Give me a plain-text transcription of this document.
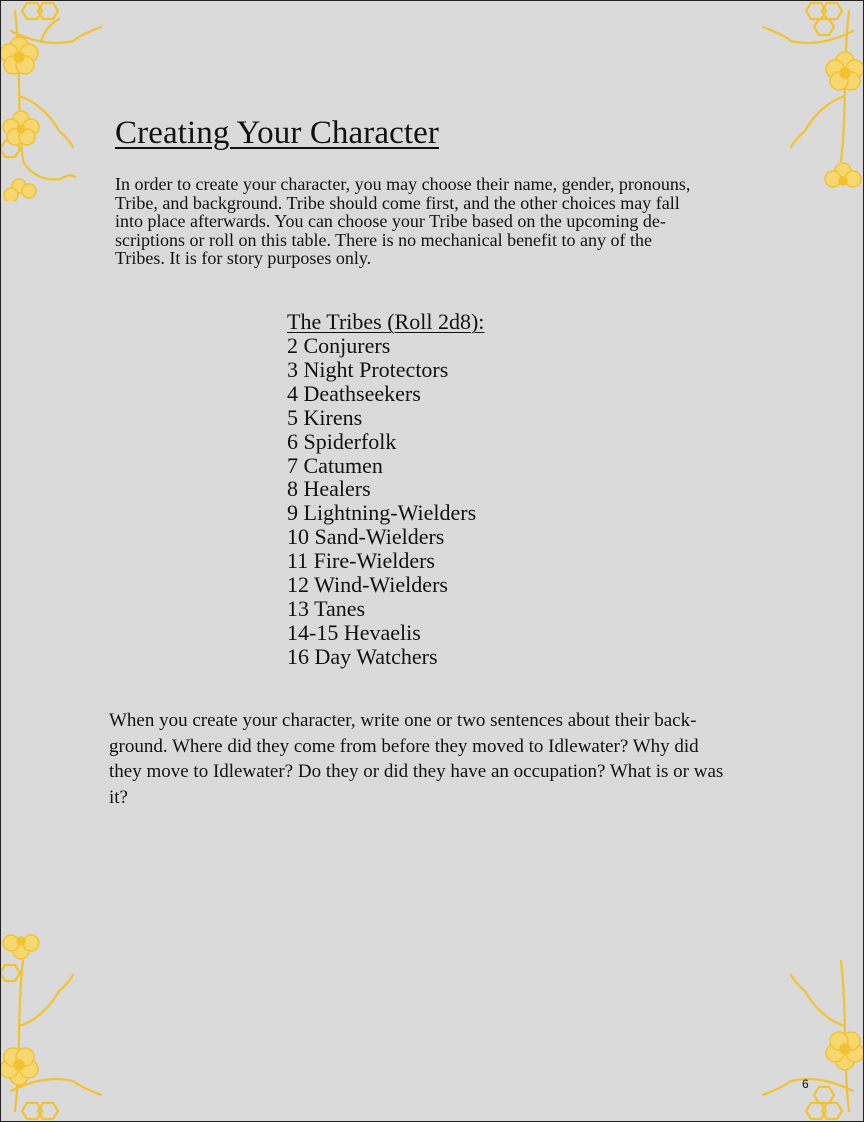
Creating Your Character

In order to create your character, you may choose their name, gender, pronouns,
Tribe, and background. Tribe should come first, and the other choices may fall
into place afterwards. You can choose your Tribe based on the upcoming de-
scriptions or roll on this table. There is no mechanical benefit to any of the
Tribes. It is for story purposes only.

The Tribes (Roll 2d8):

2 Conjurers
3 Night Protectors
4 Deathseekers
5 Kirens
6 Spiderfolk
7 Catumen
8 Healers
9 Lightning-Wielders
10 Sand-Wielders
11 Fire-Wielders
12 Wind-Wielders
13 Tanes
14-15 Hevaelis
16 Day Watchers

When you create your character, write one or two sentences about their back-
ground. Where did they come from before they moved to Idlewater? Why did
they move to Idlewater? Do they or did they have an occupation? What is or was
it?

6
